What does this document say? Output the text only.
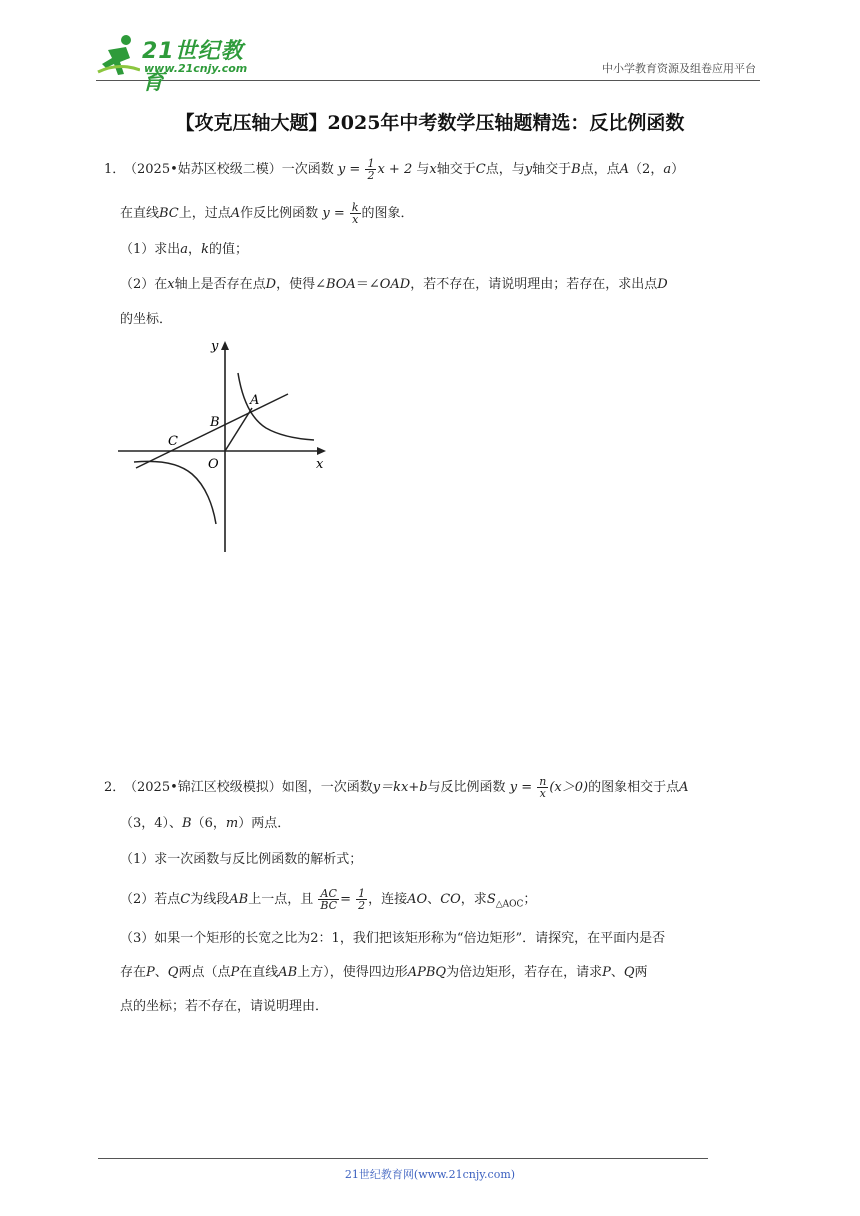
21世纪教育
www.21cnjy.com	中小学教育资源及组卷应用平台
【攻克压轴大题】2025年中考数学压轴题精选：反比例函数
1．（2025•姑苏区校级二模）一次函数 $y = \frac{1}{2}$ x + 2 与x轴交于C点，与y轴交于B点，点A（2，a）
在直线BC上，过点A作反比例函数 $y = \frac{k}{x}$ 的图象．
（1）求出a，k的值；
（2）在x轴上是否存在点D，使得∠BOA＝∠OAD，若不存在，请说明理由；若存在，求出点D
的坐标．
y
x
A
B
C
O
2．（2025•锦江区校级模拟）如图，一次函数y＝kx+b与反比例函数 $y = \frac{n}{x} (x>0)$的图象相交于点A
（3，4）、B（6，m）两点．
（1）求一次函数与反比例函数的解析式；
（2）若点C为线段AB上一点，且 $\frac{AC}{BC} = \frac{1}{2}$ ，连接AO、CO，求$S_{\triangle AOC}$；
（3）如果一个矩形的长宽之比为2：1，我们把该矩形称为“倍边矩形”．请探究，在平面内是否
存在P、Q两点（点P在直线AB上方），使得四边形APBQ为倍边矩形，若存在，请求P、Q两
点的坐标；若不存在，请说明理由．
21世纪教育网(www.21cnjy.com)
